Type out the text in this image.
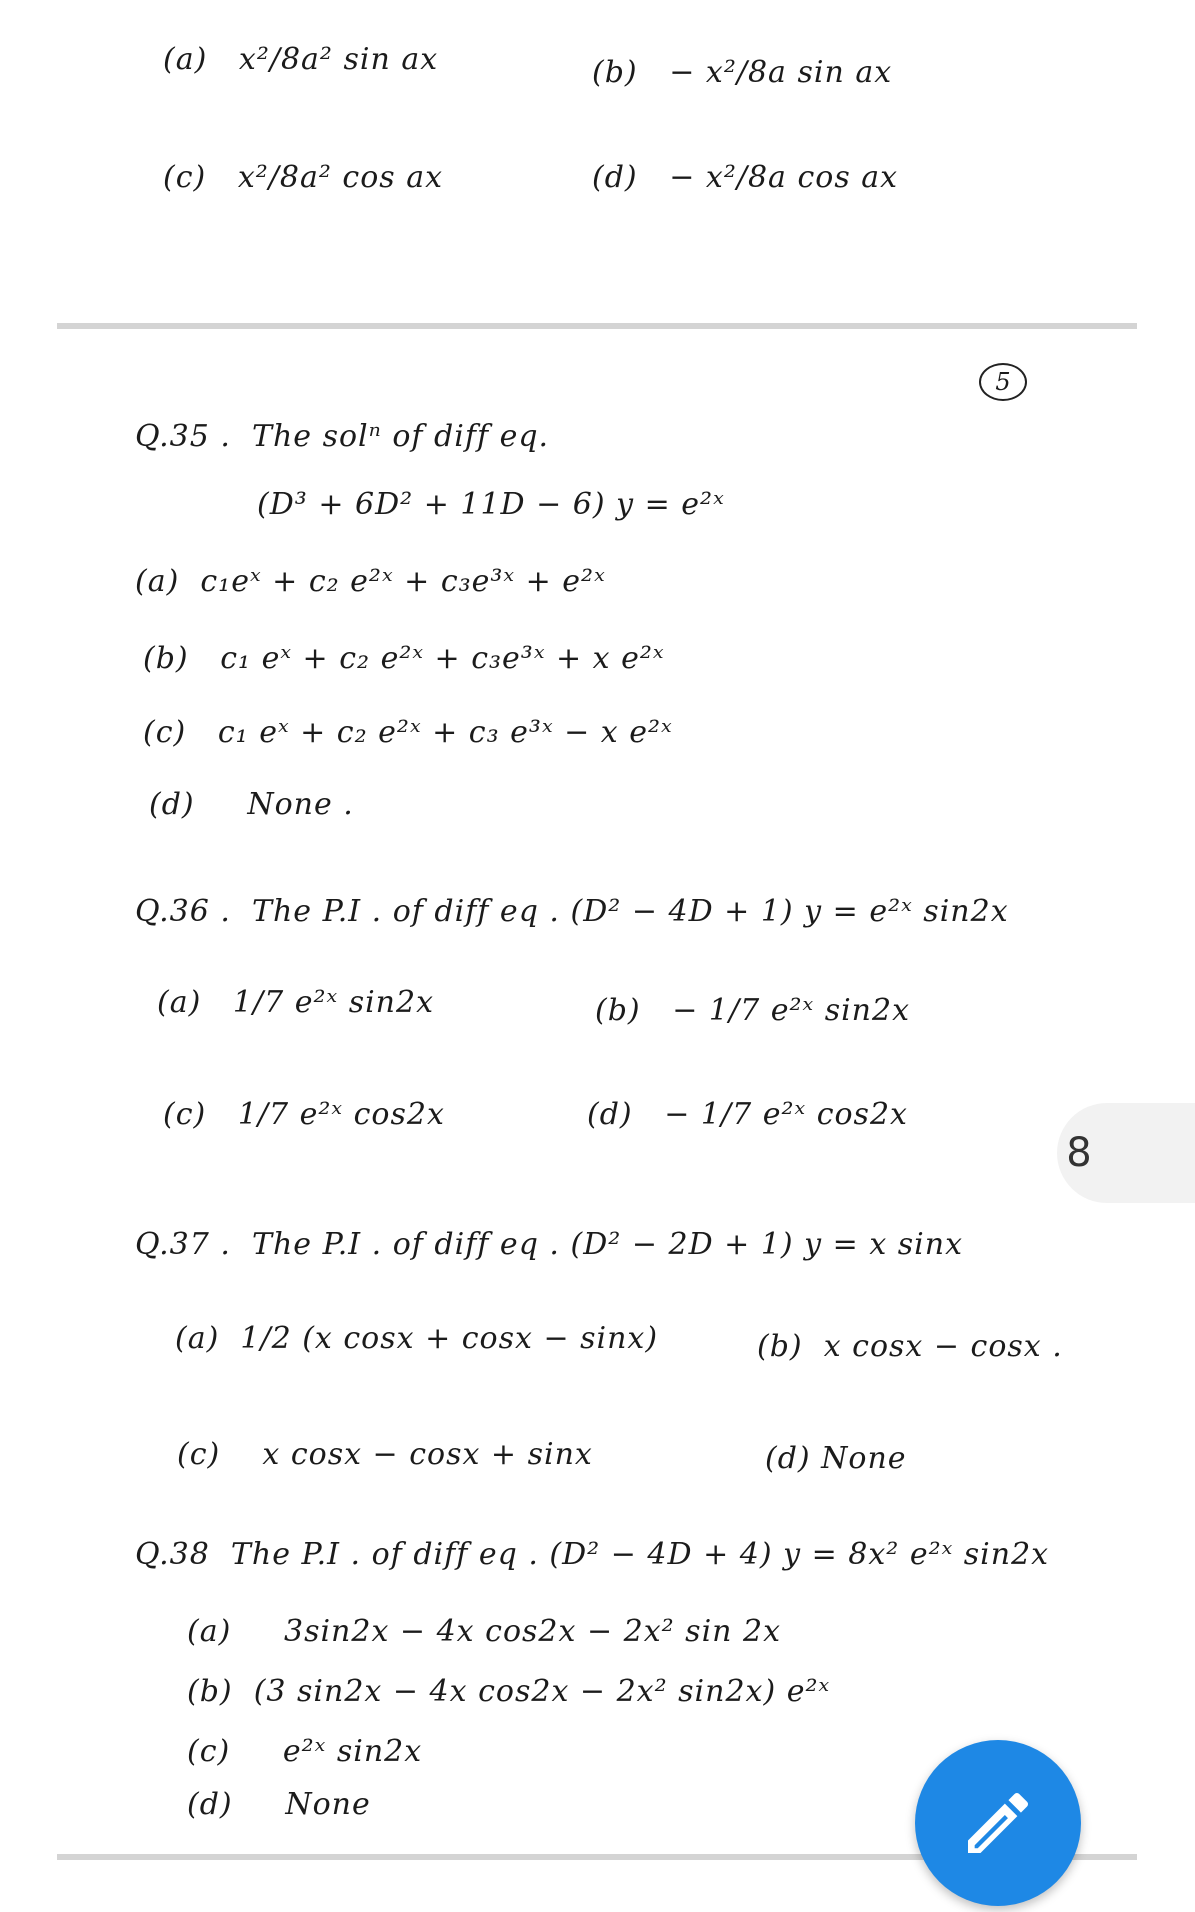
(a) x²/8a² sin ax	(b) − x²/8a sin ax
(c) x²/8a² cos ax	(d) − x²/8a cos ax
5
Q.35 . The solⁿ of diff eq.
(D³ + 6D² + 11D − 6) y = e²ˣ
(a) c₁eˣ + c₂ e²ˣ + c₃e³ˣ + e²ˣ
(b) c₁ eˣ + c₂ e²ˣ + c₃e³ˣ + x e²ˣ
(c) c₁ eˣ + c₂ e²ˣ + c₃ e³ˣ − x e²ˣ
(d) None .
Q.36 . The P.I . of diff eq . (D² − 4D + 1) y = e²ˣ sin2x
(a) 1/7 e²ˣ sin2x	(b) − 1/7 e²ˣ sin2x
(c) 1/7 e²ˣ cos2x	(d) − 1/7 e²ˣ cos2x
Q.37 . The P.I . of diff eq . (D² − 2D + 1) y = x sinx
(a) 1/2 (x cosx + cosx − sinx)	(b) x cosx − cosx .
(c) x cosx − cosx + sinx	(d) None
Q.38 The P.I . of diff eq . (D² − 4D + 4) y = 8x² e²ˣ sin2x
(a) 3sin2x − 4x cos2x − 2x² sin 2x
(b) (3 sin2x − 4x cos2x − 2x² sin2x) e²ˣ
(c) e²ˣ sin2x
(d) None
8
